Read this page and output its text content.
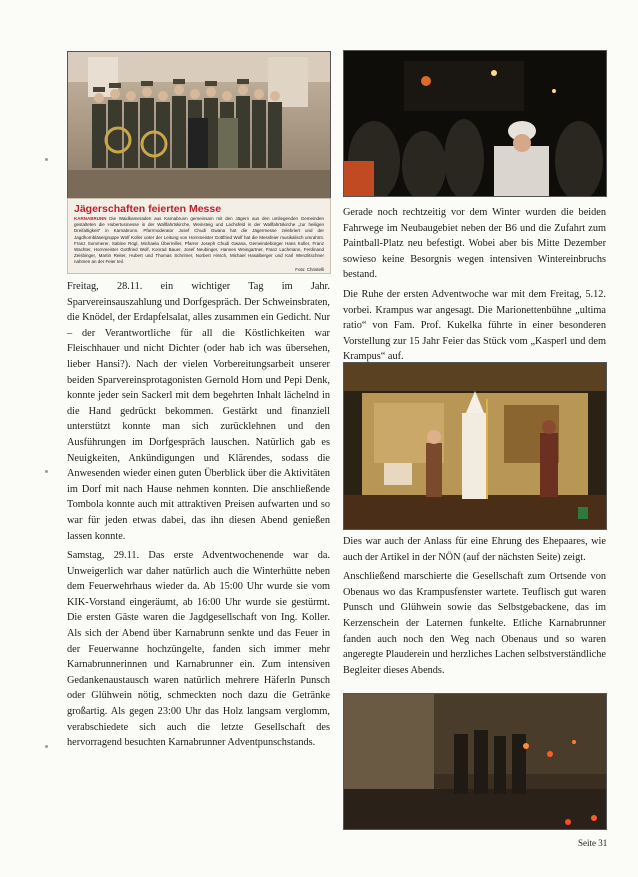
Jägerschaften feierten Messe
KARNABRUNN Die Waidkameraden aus Karnabrunn gemeinsam mit den Jägern aus den umliegenden Gemeinden gestalteten die Hubertusmesse in der Wallfahrtskirche, Weinsteig und Lachsfeld in der Wallfahrtskirche „zur heiligen Dreifaltigkeit“ in Karnabrunn. Pfarrmoderator Josef Chudi Gwana hat die Jägermesse zelebriert und der Jagdhornbläsergruppe Wolf Koller unter der Leitung von Hornmeister Gottfried Wolf hat die Messfeier musikalisch umrahmt. Franz Sommerer, Sabine Rögl, Michaela Übermiller, Pfarrer Joseph Chudi Gwana, Gemeindebürger Hans Koller, Franz Wachter, Hornmeister Gottfried Wolf, Konrad Bauer, Josef Neubinger, Hannes Weingartner, Franz Lachmann, Ferdinand Zeisbinger, Martin Reiter, Hubert und Thomas Schrimer, Norbert Hirsch, Michael Hasalberger und Karl Wenzlitschner nahmen an der Feier teil.
Foto: Christelli

Freitag, 28.11. ein wichtiger Tag im Jahr. Sparvereinsauszahlung und Dorfgespräch. Der Schweinsbraten, die Knödel, der Erdapfelsalat, alles zusammen ein Gedicht. Nur – der Verantwortliche für all die Köstlichkeiten war Fleischhauer und nicht Dichter (oder hab ich was übersehen, lieber Hansi?). Nach der vielen Vorbereitungsarbeit unserer beiden Sparvereinsprotagonisten Gernold Horn und Pepi Denk, konnte jeder sein Sackerl mit dem begehrten Inhalt lächelnd in die Hand gedrückt bekommen. Gestärkt und finanziell unterstützt konnte man sich zurücklehnen und den Ausführungen im Dorfgespräch lauschen. Natürlich gab es Neuigkeiten, Ankündigungen und Klärendes, sodass die Anwesenden wieder einen guten Überblick über die Aktivitäten im Dorf mit nach Hause nehmen konnten. Die anschließende Tombola konnte auch mit attraktiven Preisen aufwarten und so war für jeden etwas dabei, das ihn diesen Abend genießen lassen konnte.

Samstag, 29.11. Das erste Adventwochenende war da. Unweigerlich war daher natürlich auch die Winterhütte neben dem Feuerwehrhaus wieder da. Ab 15:00 Uhr wurde sie vom KIK-Vorstand eingeräumt, ab 16:00 Uhr wurde sie gestürmt. Die ersten Gäste waren die Jagdgesellschaft von Ing. Koller. Als sich der Abend über Karnabrunn senkte und das Feuer in der Feuerwanne hochzüngelte, fanden sich immer mehr Karnabrunnerinnen und Karnabrunner ein. Zum intensiven Gedankenaustausch waren natürlich mehrere Häferln Punsch oder Glühwein nötig, schmeckten noch dazu die Getränke großartig. Als gegen 23:00 Uhr das Holz langsam verglomm, verabschiedete sich auch die letzte Gesellschaft des hervorragend besuchten Karnabrunner Adventpunschstands.

Gerade noch rechtzeitig vor dem Winter wurden die beiden Fahrwege im Neubaugebiet neben der B6 und die Zufahrt zum Paintball-Platz neu befestigt. Wobei aber bis Mitte Dezember sowieso keine Besorgnis wegen intensiven Wintereinbruchs bestand.

Die Ruhe der ersten Adventwoche war mit dem Freitag, 5.12. vorbei. Krampus war angesagt. Die Marionettenbühne „ultima ratio“ von Fam. Prof. Kukelka führte in einer besonderen Vorstellung zur 15 Jahr Feier das Stück vom „Kasperl und dem Krampus“ auf.

Dies war auch der Anlass für eine Ehrung des Ehepaares, wie auch der Artikel in der NÖN (auf der nächsten Seite) zeigt.

Anschließend marschierte die Gesellschaft zum Ortsende von Obenaus wo das Krampusfenster wartete. Teuflisch gut waren Punsch und Glühwein sowie das Selbstgebackene, das im Kerzenschein der Laternen funkelte. Etliche Karnabrunner fanden auch noch den Weg nach Obenaus und so waren angeregte Plauderein und herzliches Lachen selbstverständliche Begleiter dieses Abends.

Seite 31
